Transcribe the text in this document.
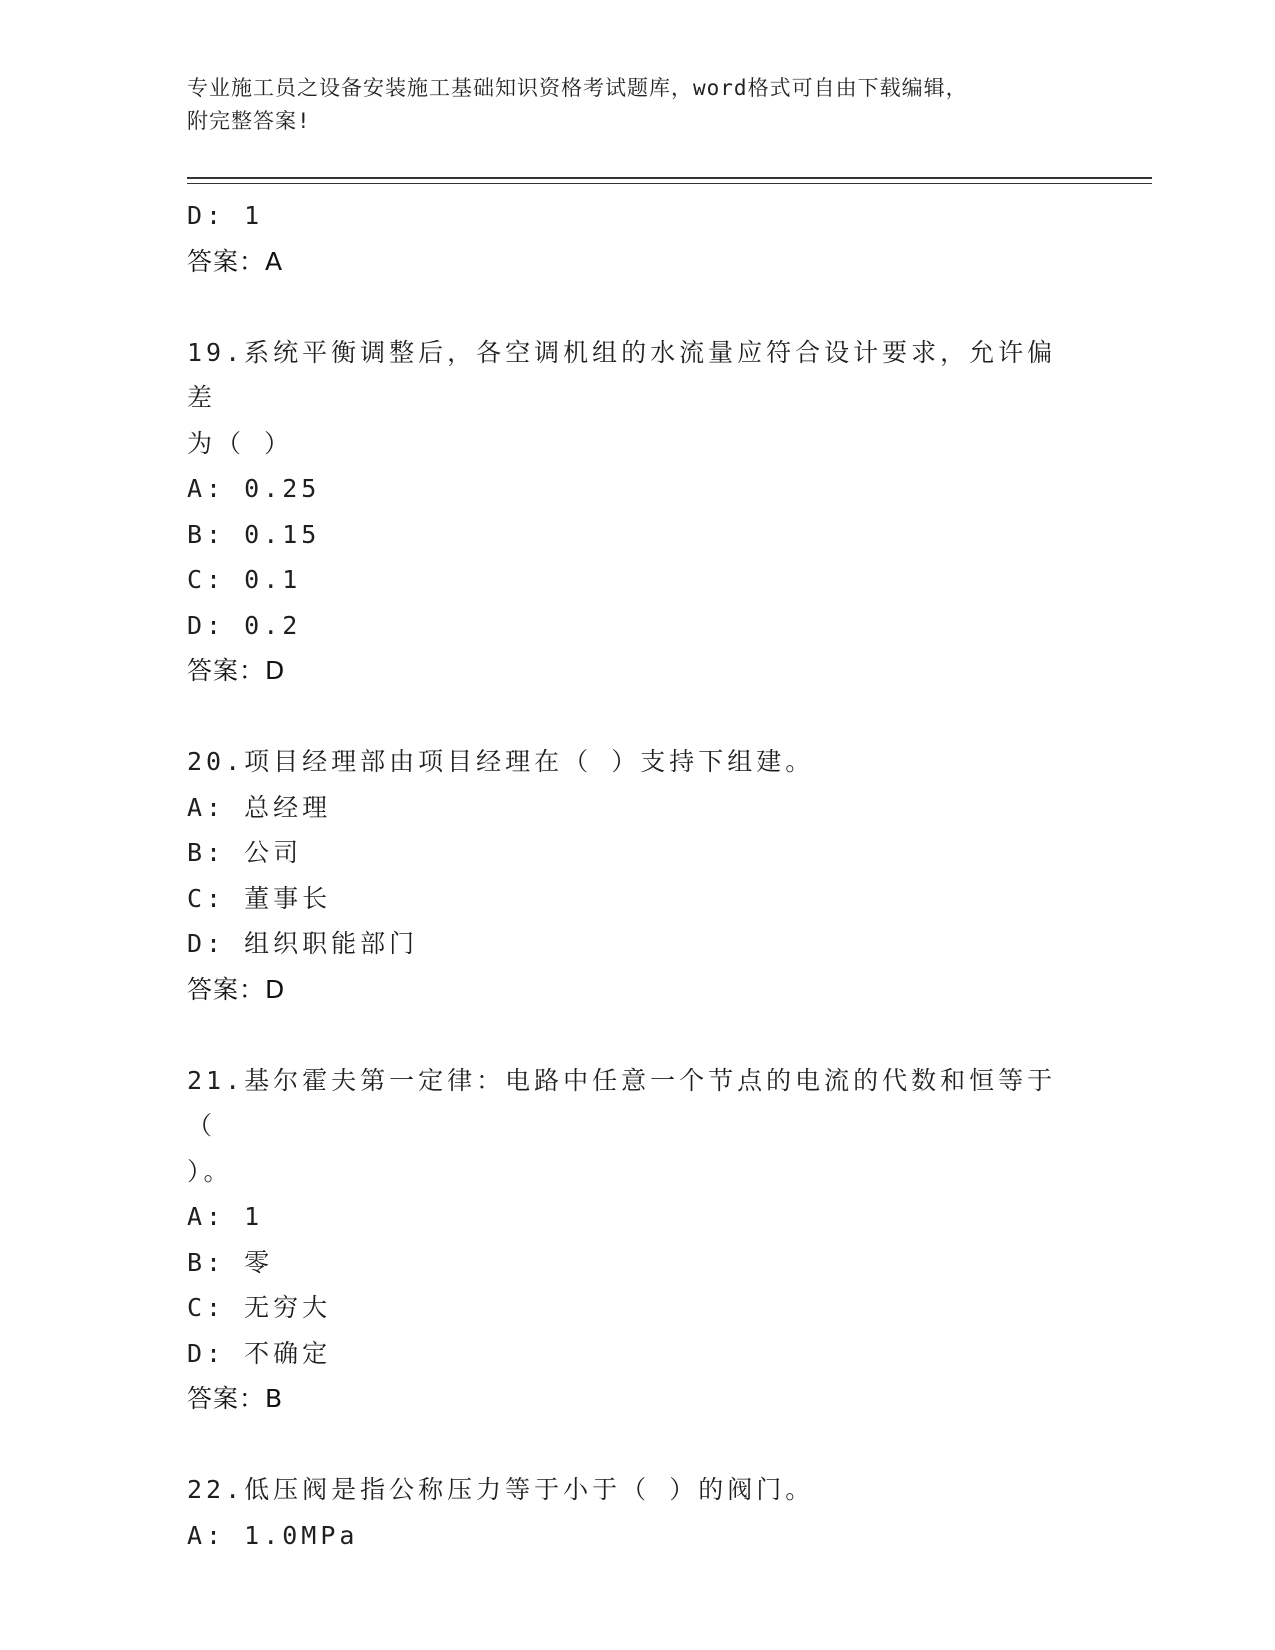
专业施工员之设备安装施工基础知识资格考试题库，word格式可自由下载编辑，
附完整答案!
D: 1
答案：A
19.系统平衡调整后，各空调机组的水流量应符合设计要求，允许偏差
为（ ）
A: 0.25
B: 0.15
C: 0.1
D: 0.2
答案：D
20.项目经理部由项目经理在（ ）支持下组建。
A: 总经理
B: 公司
C: 董事长
D: 组织职能部门
答案：D
21.基尔霍夫第一定律：电路中任意一个节点的电流的代数和恒等于（
）。
A: 1
B: 零
C: 无穷大
D: 不确定
答案：B
22.低压阀是指公称压力等于小于（ ）的阀门。
A: 1.0MPa
